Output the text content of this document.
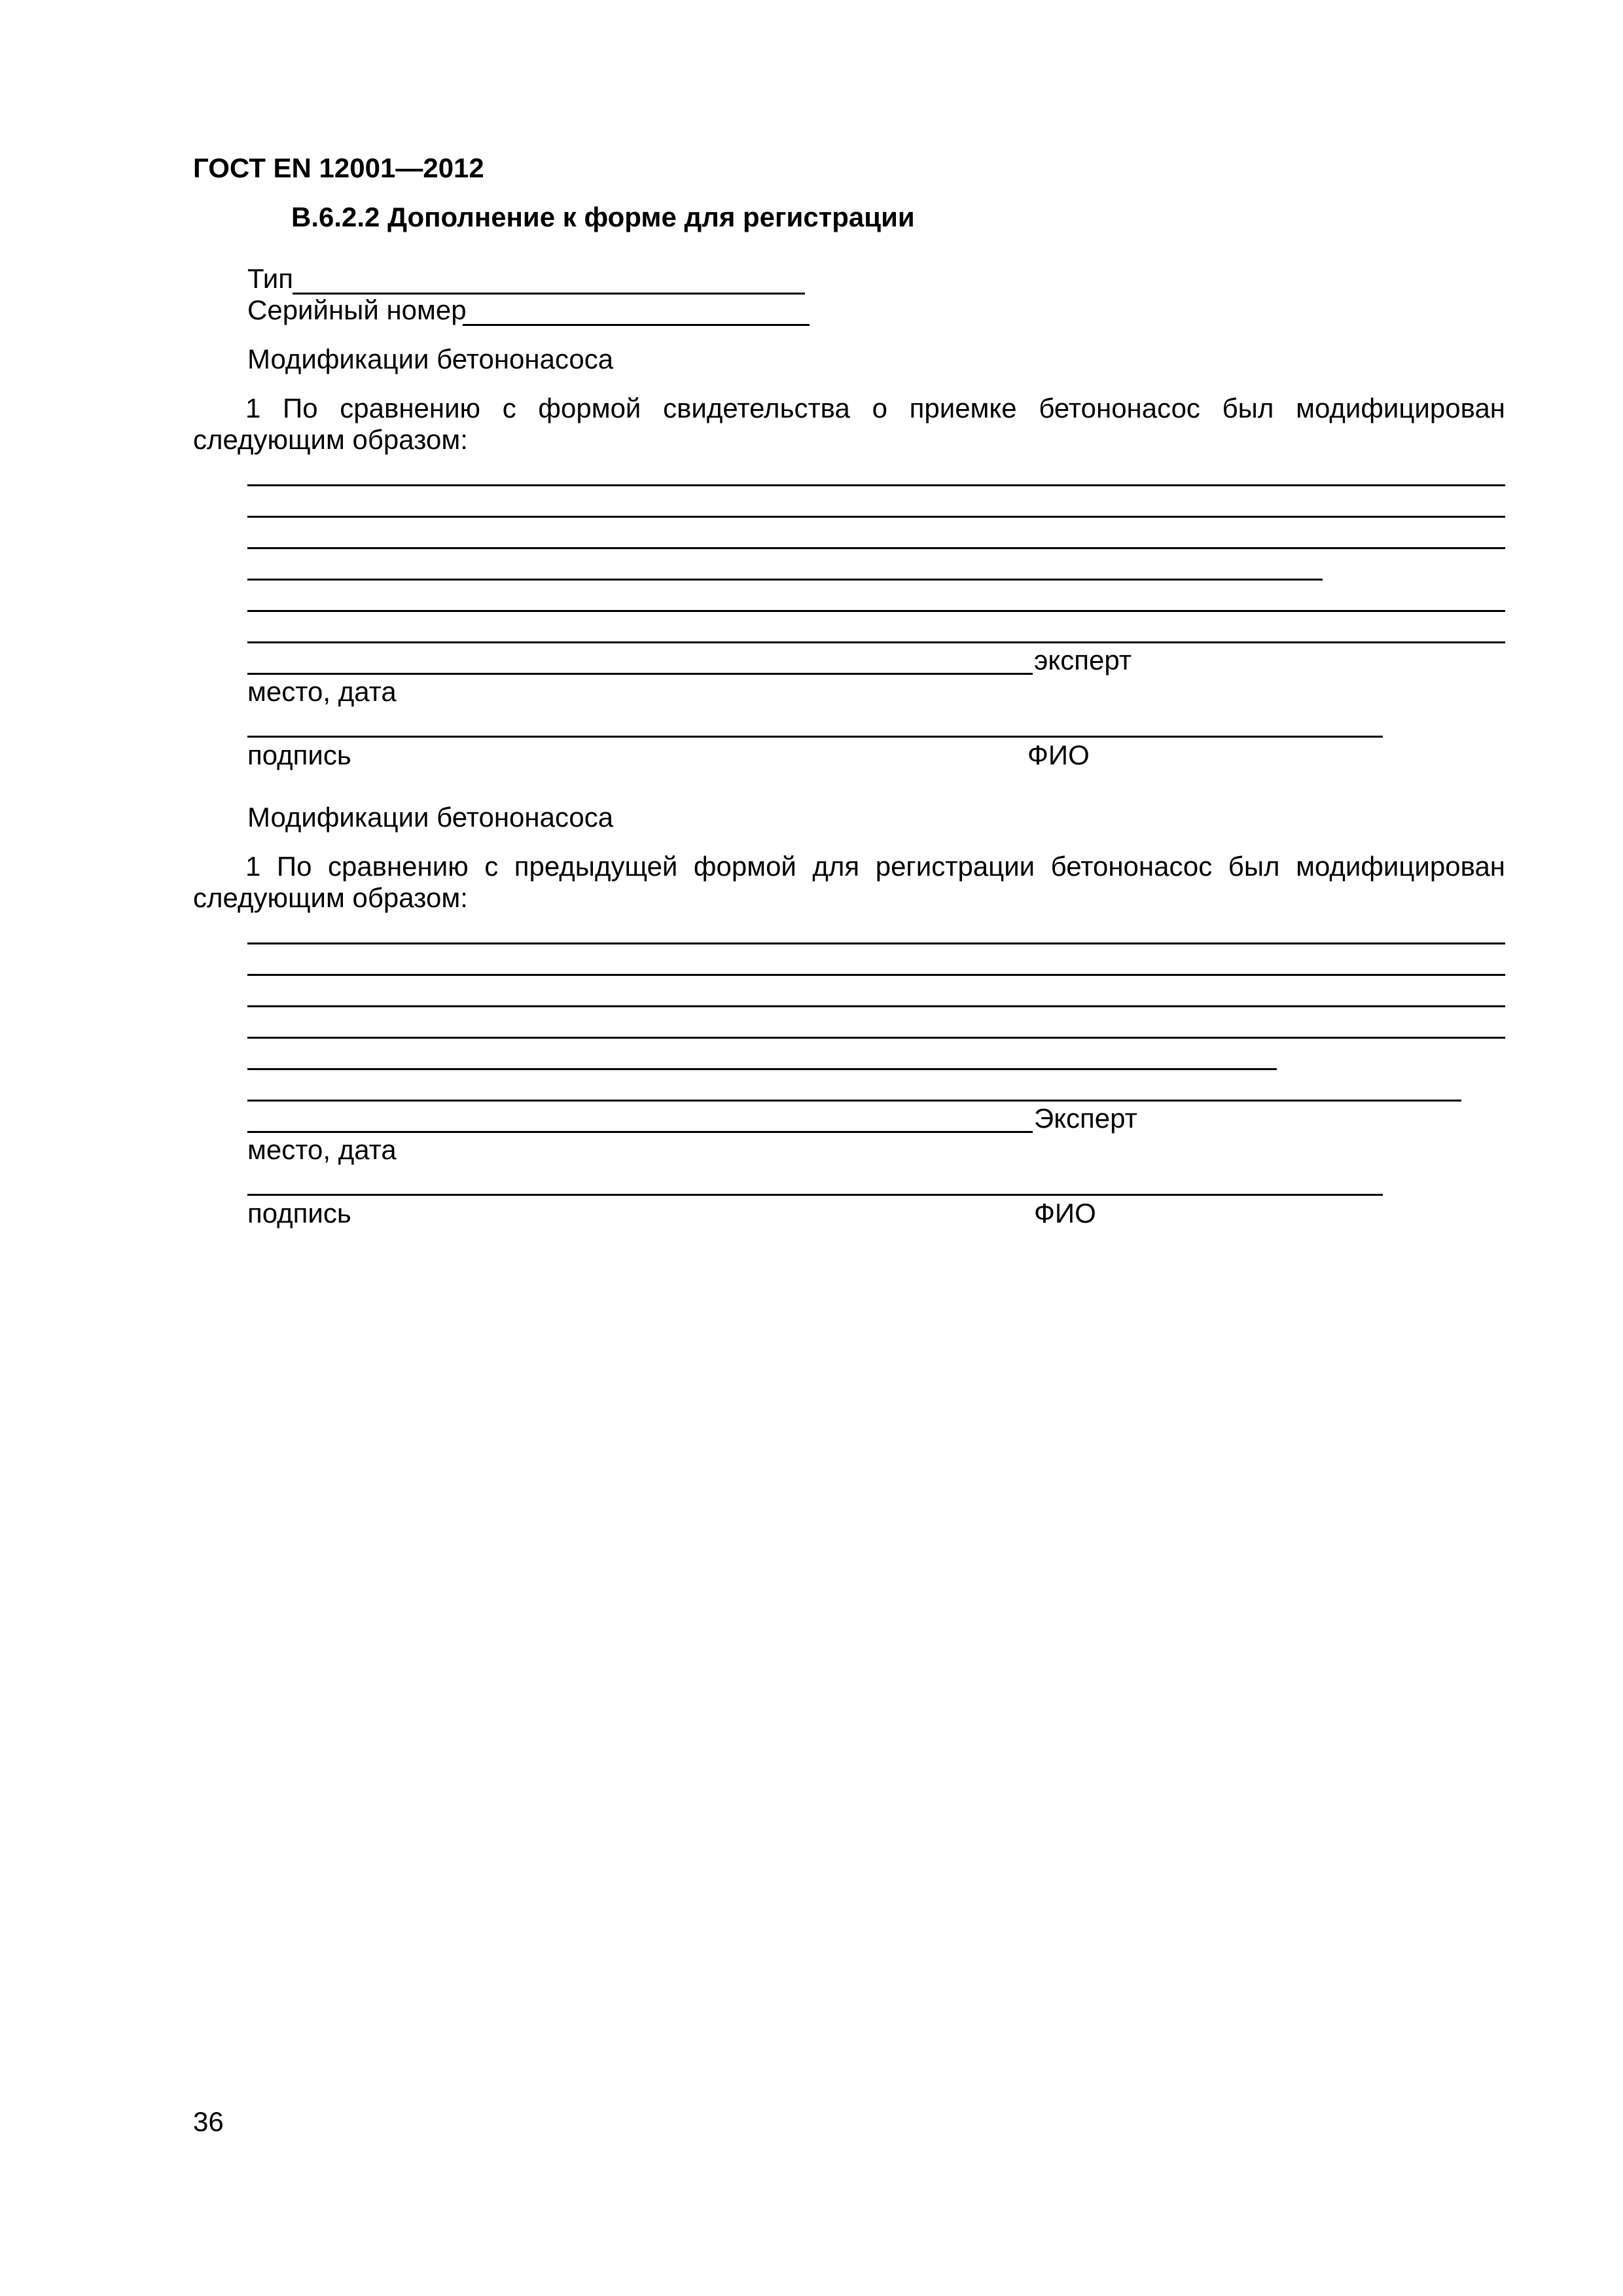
ГОСТ EN 12001—2012
B.6.2.2 Дополнение к форме для регистрации
Тип
Серийный номер
Модификации бетононасоса
1 По сравнению с формой свидетельства о приемке бетононасос был модифицирован следующим образом:
эксперт
место, дата
подпись	ФИО
Модификации бетононасоса
1 По сравнению с предыдущей формой для регистрации бетононасос был модифицирован следующим образом:
Эксперт
место, дата
подпись	ФИО
36
